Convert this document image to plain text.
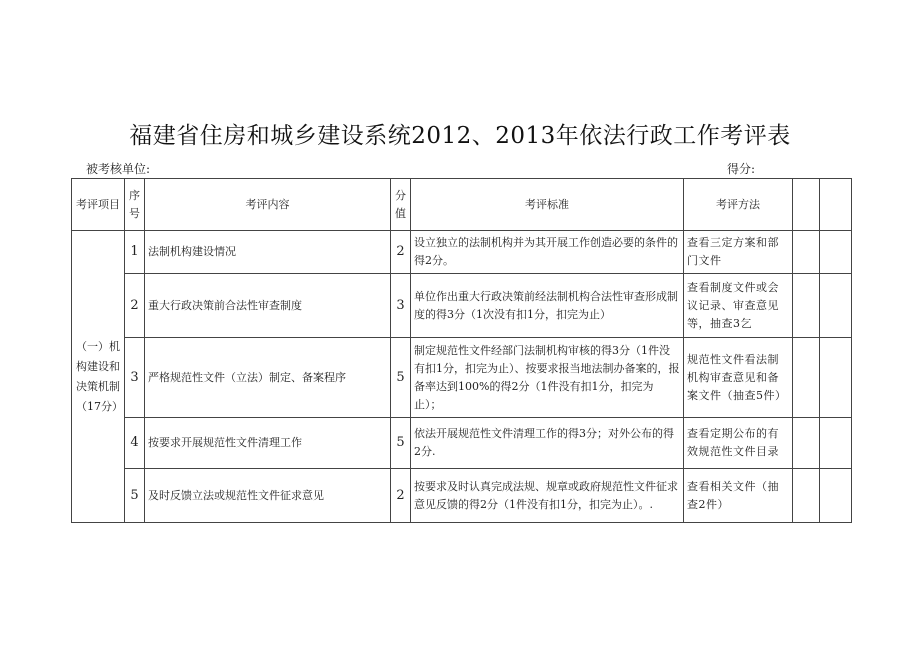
福建省住房和城乡建设系统2012、2013年依法行政工作考评表
被考核单位:	得分:
考评项目	序号	考评内容	分值	考评标准	考评方法		
（一）机构建设和决策机制（17分）	1	法制机构建设情况	2	设立独立的法制机构并为其开展工作创造必要的条件的得2分。	查看三定方案和部门文件		
	2	重大行政决策前合法性审查制度	3	单位作出重大行政决策前经法制机构合法性审查形成制度的得3分（1次没有扣1分，扣完为止）	查看制度文件或会议记录、审查意见等，抽查3乞		
	3	严格规范性文件（立法）制定、备案程序	5	制定规范性文件经部门法制机构审核的得3分（1件没有扣1分，扣完为止）、按要求报当地法制办备案的，报备率达到100%的得2分（1件没有扣1分，扣完为止）；	规范性文件看法制机构审查意见和备案文件（抽查5件）		
	4	按要求开展规范性文件清理工作	5	依法开展规范性文件清理工作的得3分；对外公布的得2分.	查看定期公布的有效规范性文件目录		
	5	及时反馈立法或规范性文件征求意见	2	按要求及时认真完成法规、规章或政府规范性文件征求意见反馈的得2分（1件没有扣1分，扣完为止）。.	查看相关文件（抽查2件）		
